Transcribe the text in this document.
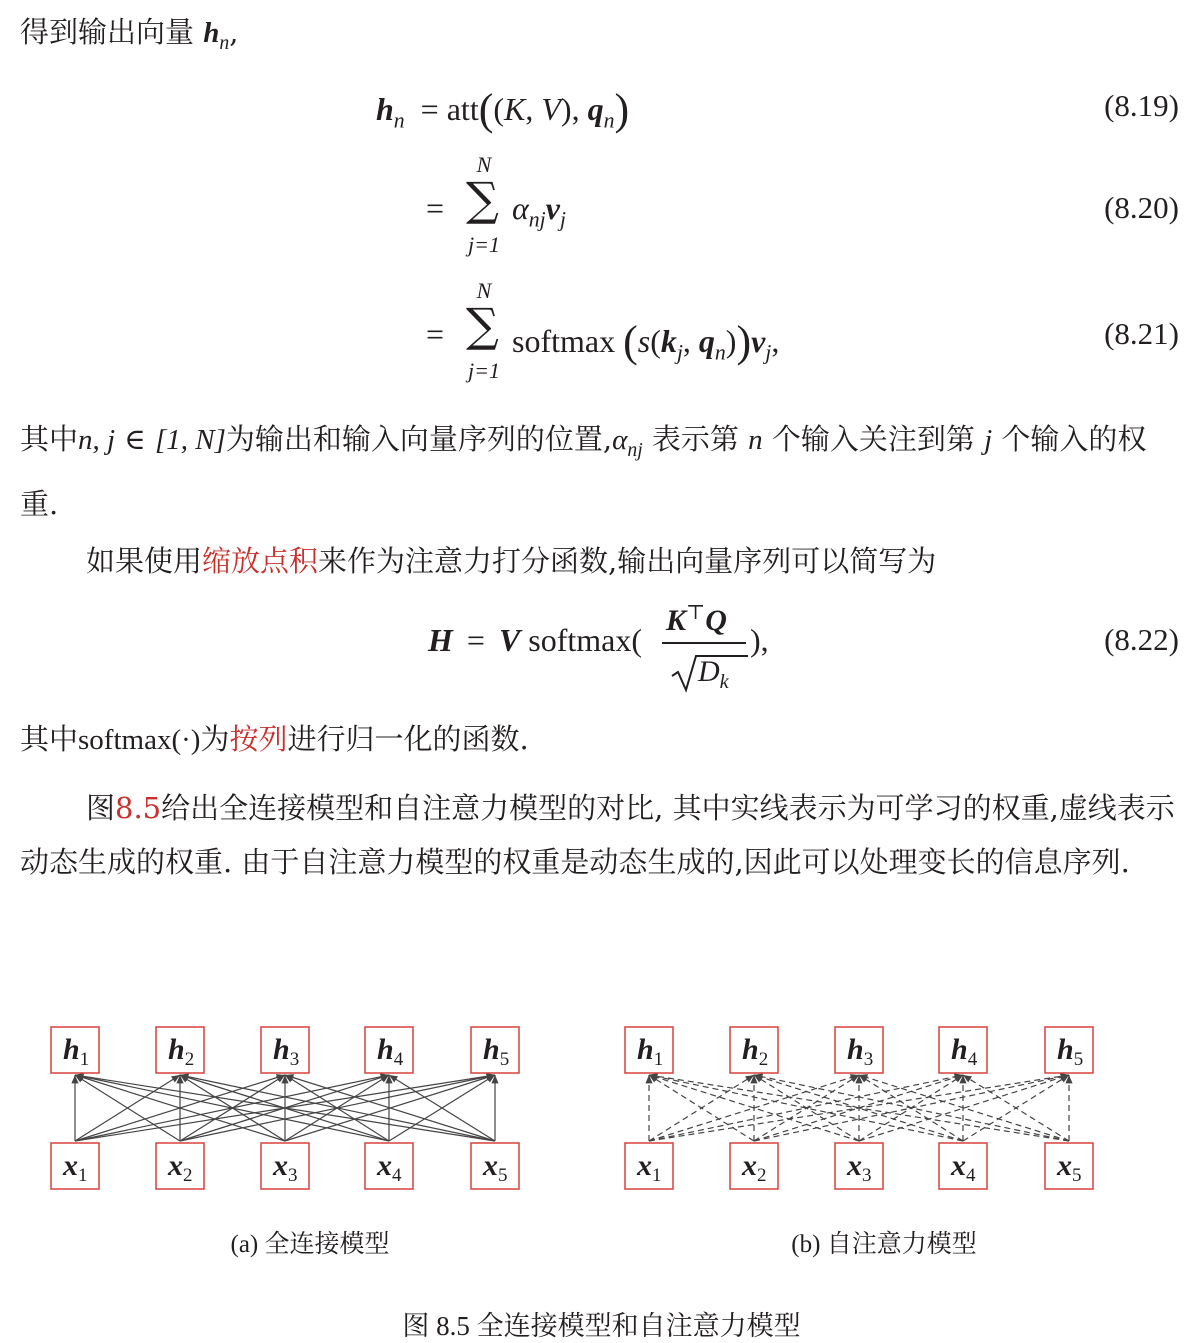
得到输出向量 $h_n$,

$h_n = att((K$, V), $q_n$)	(8.19)
=
N
∑
j=1
$\alpha_{nj}v_j$	(8.20)
=
N
∑
j=1
softmax ($s(k_j$, $q_n))v_j$,	(8.21)

其中n, j ∈ [1, N]为输出和输入向量序列的位置$,\alpha_{nj}$ 表示第 n 个输入关注到第 j 个输入的权重.

如果使用缩放点积来作为注意力打分函数,输出向量序列可以简写为

H = V softmax(
K⊤Q
$D_k$
),	(8.22)

其中softmax(·)为按列进行归一化的函数.

图8.5给出全连接模型和自注意力模型的对比, 其中实线表示为可学习的权重,虚线表示动态生成的权重. 由于自注意力模型的权重是动态生成的,因此可以处理变长的信息序列.

$h_1$	$h_2$	$h_3$	$h_4$	$h_5$
$x_1$	$x_2$	$x_3$	$x_4$	$x_5$
$h_1$	$h_2$	$h_3$	$h_4$	$h_5$
$x_1$	$x_2$	$x_3$	$x_4$	$x_5$
(a) 全连接模型	(b) 自注意力模型
图 8.5 全连接模型和自注意力模型
